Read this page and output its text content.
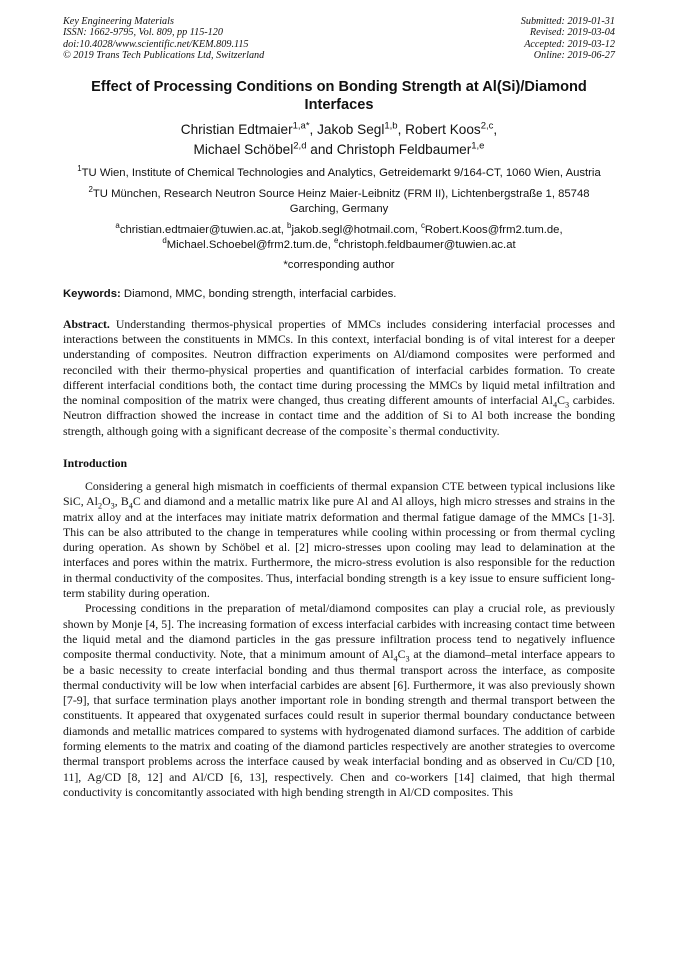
Key Engineering Materials
ISSN: 1662-9795, Vol. 809, pp 115-120
doi:10.4028/www.scientific.net/KEM.809.115
© 2019 Trans Tech Publications Ltd, Switzerland
Submitted: 2019-01-31
Revised: 2019-03-04
Accepted: 2019-03-12
Online: 2019-06-27
Effect of Processing Conditions on Bonding Strength at Al(Si)/Diamond Interfaces
Christian Edtmaier$^{1,a*}$, Jakob Segl$^{1,b}$, Robert Koos$^{2,c}$,
Michael Schöbel$^{2,d}$ and Christoph Feldbaumer$^{1,e}$
$^1$TU Wien, Institute of Chemical Technologies and Analytics, Getreidemarkt 9/164-CT, 1060 Wien, Austria
$^2$TU München, Research Neutron Source Heinz Maier-Leibnitz (FRM II), Lichtenbergstraße 1, 85748 Garching, Germany
$^a$christian.edtmaier@tuwien.ac.at, $^b$jakob.segl@hotmail.com, $^c$Robert.Koos@frm2.tum.de,
$^d$Michael.Schoebel@frm2.tum.de, $^e$christoph.feldbaumer@tuwien.ac.at
*corresponding author
Keywords: Diamond, MMC, bonding strength, interfacial carbides.
Abstract. Understanding thermos-physical properties of MMCs includes considering interfacial processes and interactions between the constituents in MMCs. In this context, interfacial bonding is of vital interest for a deeper understanding of composites. Neutron diffraction experiments on Al/diamond composites were performed and reconciled with their thermo-physical properties and quantification of interfacial carbides formation. To create different interfacial conditions both, the contact time during processing the MMCs by liquid metal infiltration and the nominal composition of the matrix were changed, thus creating different amounts of interfacial $Al_4C_3$ carbides. Neutron diffraction showed the increase in contact time and the addition of Si to Al both increase the bonding strength, although going with a significant decrease of the composite`s thermal conductivity.
Introduction

Considering a general high mismatch in coefficients of thermal expansion CTE between typical inclusions like SiC, $Al_2O_3$, $B_4C$ and diamond and a metallic matrix like pure Al and Al alloys, high micro stresses and strains in the matrix alloy and at the interfaces may initiate matrix deformation and thermal fatigue damage of the MMCs [1-3]. This can be also attributed to the change in temperatures while cooling within processing or from thermal cycling during operation. As shown by Schöbel et al. [2] micro-stresses upon cooling may lead to delamination at the interfaces and pores within the matrix. Furthermore, the micro-stress evolution is also responsible for the reduction in thermal conductivity of the composites. Thus, interfacial bonding strength is a key issue to ensure sufficient long-term stability during operation.

Processing conditions in the preparation of metal/diamond composites can play a crucial role, as previously shown by Monje [4, 5]. The increasing formation of excess interfacial carbides with increasing contact time between the liquid metal and the diamond particles in the gas pressure infiltration process tend to negatively influence composite thermal conductivity. Note, that a minimum amount of $Al_4C_3$ at the diamond–metal interface appears to be a basic necessity to create interfacial bonding and thus thermal transport across the interface, as composite thermal conductivity will be low when interfacial carbides are absent [6]. Furthermore, it was also previously shown [7-9], that surface termination plays another important role in bonding strength and thermal transport between the constituents. It appeared that oxygenated surfaces could result in superior thermal boundary conductance between diamonds and metallic matrices compared to systems with hydrogenated diamond surfaces. The addition of carbide forming elements to the matrix and coating of the diamond particles respectively are another strategies to overcome thermal transport problems across the interface caused by weak interfacial bonding and as observed in Cu/CD [10, 11], Ag/CD [8, 12] and Al/CD [6, 13], respectively. Chen and co-workers [14] claimed, that high thermal conductivity is concomitantly associated with high bending strength in Al/CD composites. This
